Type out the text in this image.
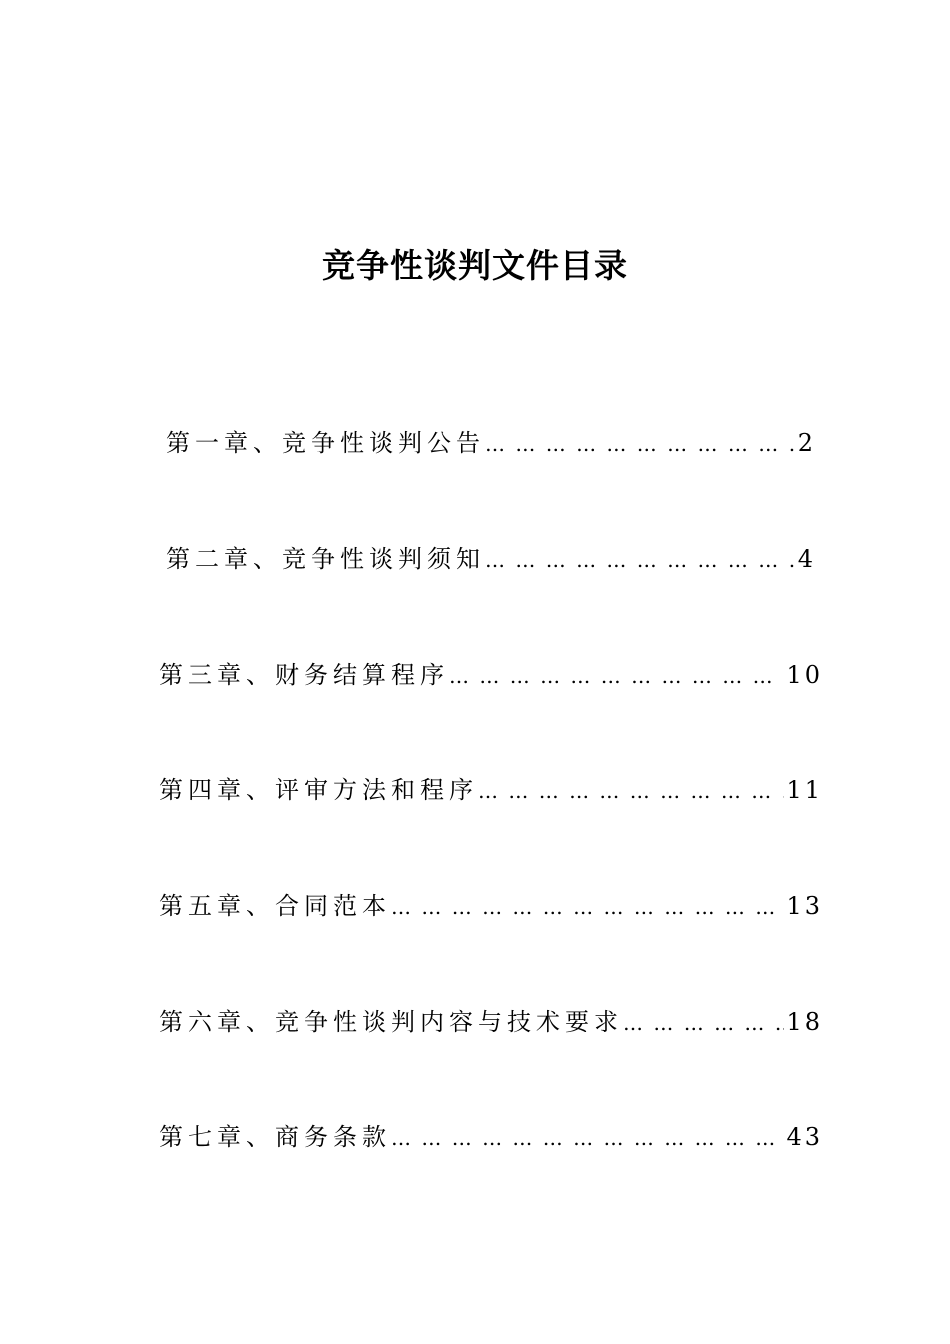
竞争性谈判文件目录
第一章、竞争性谈判公告 … … … … … … … … … … … … … … … … … … … … … … … … … … … … … … … … … … … …	2
第二章、竞争性谈判须知 … … … … … … … … … … … … … … … … … … … … … … … … … … … … … … … … … … … …	4
第三章、财务结算程序 … … … … … … … … … … … … … … … … … … … … … … … … … … … … … … … … … … … …	10
第四章、评审方法和程序 … … … … … … … … … … … … … … … … … … … … … … … … … … … … … … … … … … … …	11
第五章、合同范本 … … … … … … … … … … … … … … … … … … … … … … … … … … … … … … … … … … … …	13
第六章、竞争性谈判内容与技术要求 … … … … … … … … … … … … … … … … … … … … … … … … … … … … … … … … … … … …	18
第七章、商务条款 … … … … … … … … … … … … … … … … … … … … … … … … … … … … … … … … … … … …	43
